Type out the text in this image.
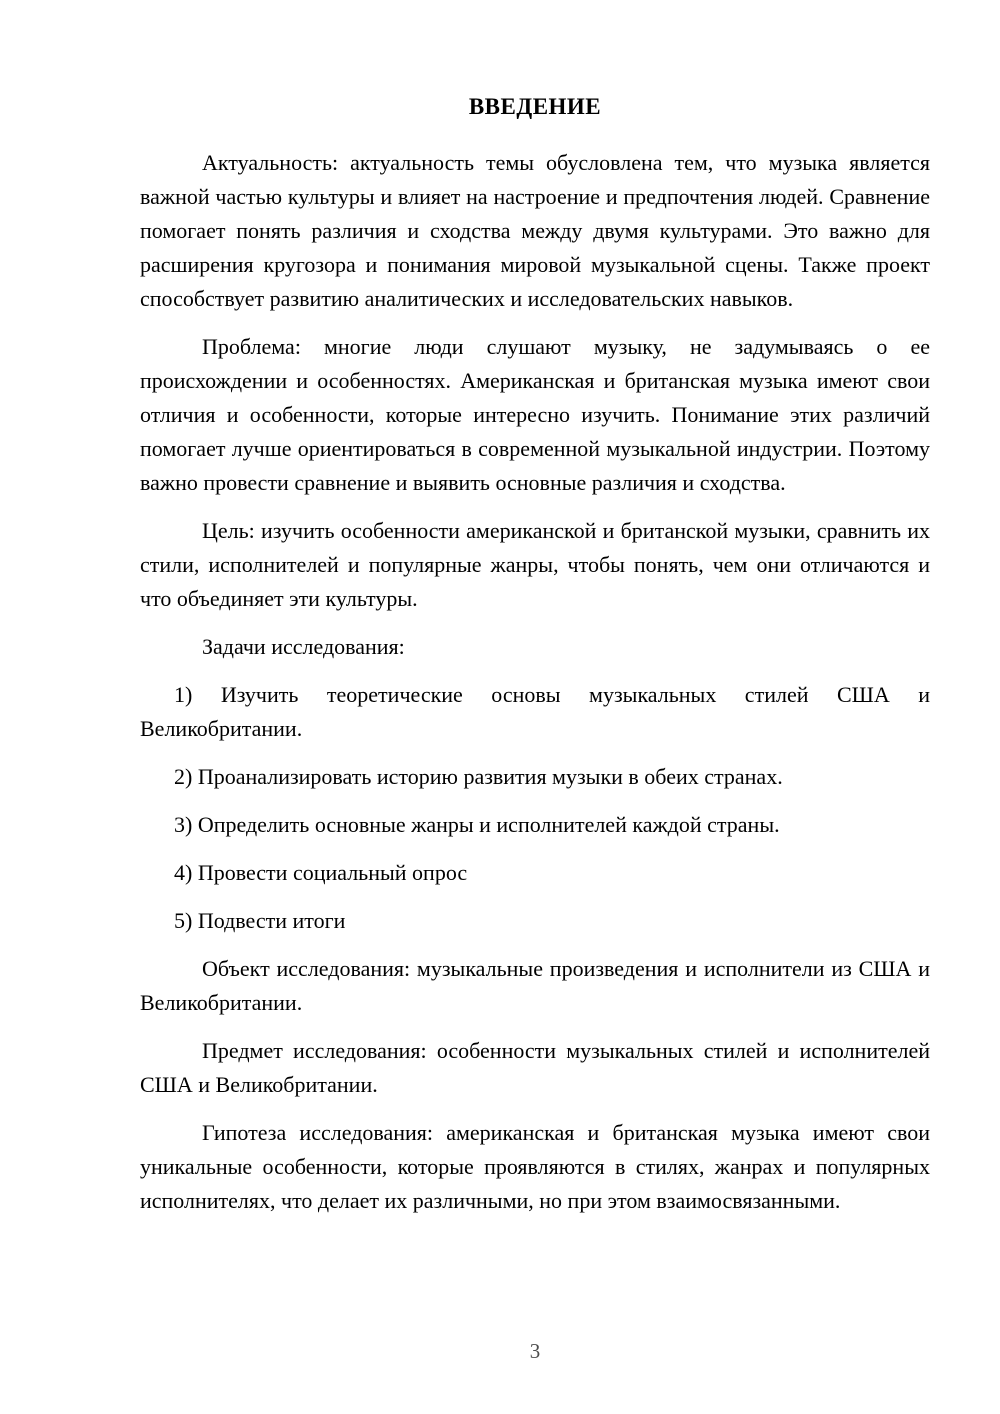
ВВЕДЕНИЕ

Актуальность: актуальность темы обусловлена тем, что музыка является важной частью культуры и влияет на настроение и предпочтения людей. Сравнение помогает понять различия и сходства между двумя культурами. Это важно для расширения кругозора и понимания мировой музыкальной сцены. Также проект способствует развитию аналитических и исследовательских навыков.

Проблема: многие люди слушают музыку, не задумываясь о ее происхождении и особенностях. Американская и британская музыка имеют свои отличия и особенности, которые интересно изучить. Понимание этих различий помогает лучше ориентироваться в современной музыкальной индустрии. Поэтому важно провести сравнение и выявить основные различия и сходства.

Цель: изучить особенности американской и британской музыки, сравнить их стили, исполнителей и популярные жанры, чтобы понять, чем они отличаются и что объединяет эти культуры.

Задачи исследования:

1) Изучить теоретические основы музыкальных стилей США и Великобритании.

2) Проанализировать историю развития музыки в обеих странах.

3) Определить основные жанры и исполнителей каждой страны.

4) Провести социальный опрос

5) Подвести итоги

Объект исследования: музыкальные произведения и исполнители из США и Великобритании.

Предмет исследования: особенности музыкальных стилей и исполнителей США и Великобритании.

Гипотеза исследования: американская и британская музыка имеют свои уникальные особенности, которые проявляются в стилях, жанрах и популярных исполнителях, что делает их различными, но при этом взаимосвязанными.

3
